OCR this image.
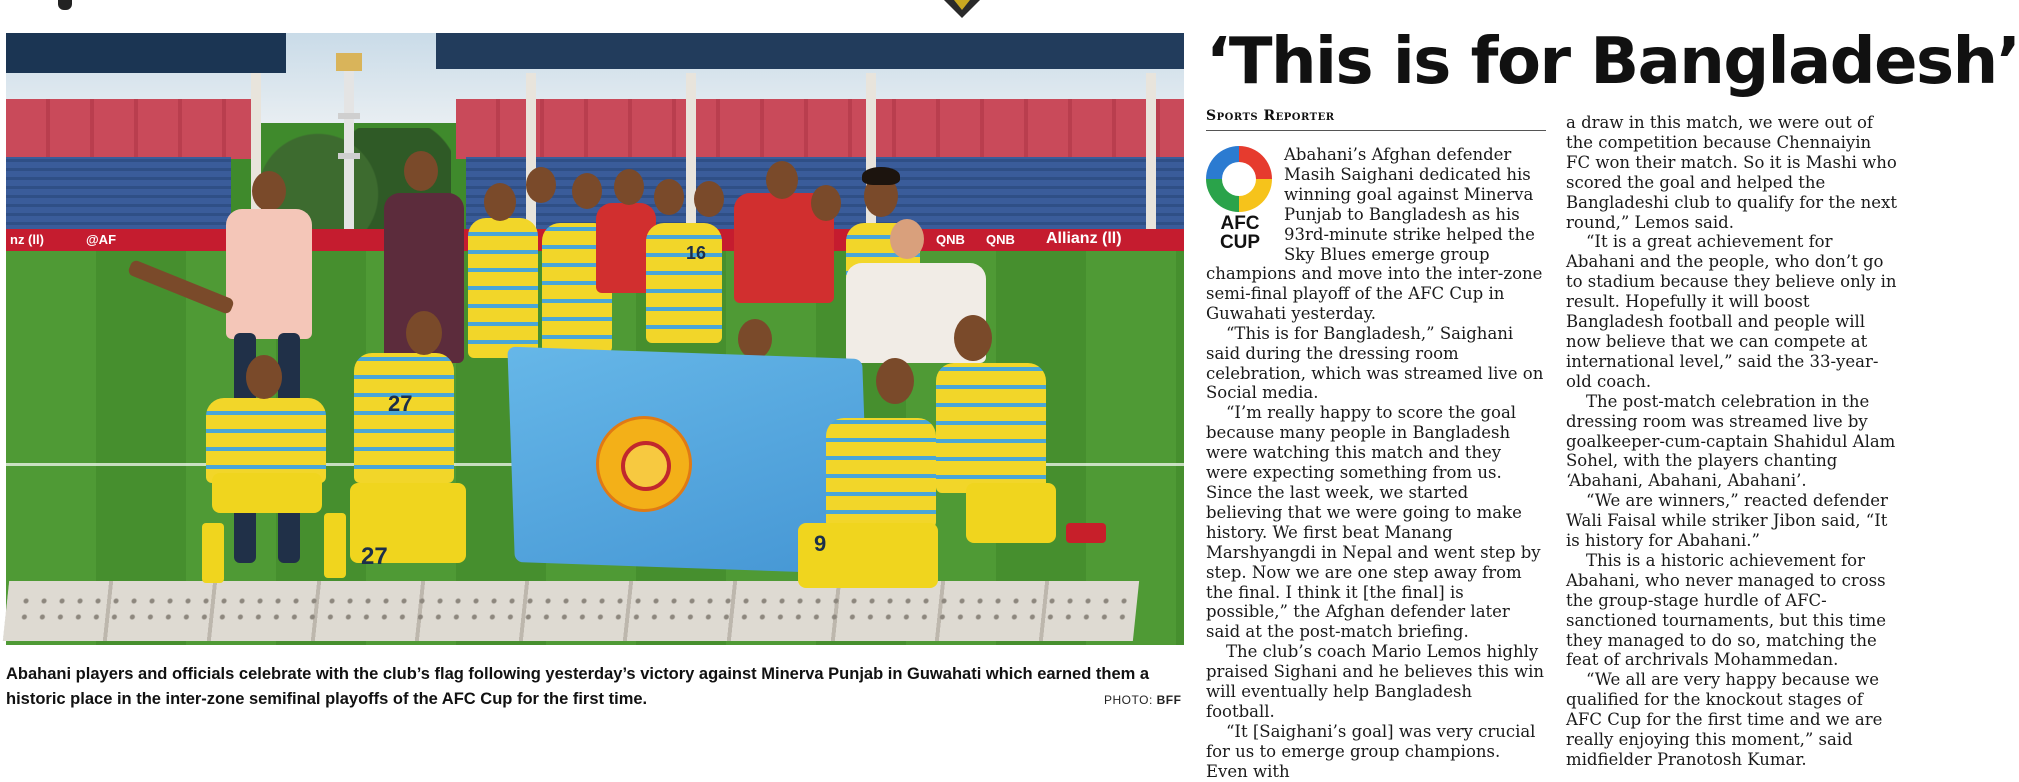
nz (ll)	@AF	QNB QNB Allianz (ll)
27
27	9
16
Abahani players and officials celebrate with the club’s flag following yesterday’s victory against Minerva Punjab in Guwahati which earned them a historic place in the inter-zone semifinal playoffs of the AFC Cup for the first time.	PHOTO: BFF
‘This is for Bangladesh’
Sports Reporter
AFC
CUP

Abahani’s Afghan defender Masih Saighani dedicated his winning goal against Minerva Punjab to Bangladesh as his 93rd-minute strike helped the Sky Blues emerge group

champions and move into the inter-zone semi-final playoff of the AFC Cup in Guwahati yesterday.

“This is for Bangladesh,” Saighani said during the dressing room celebration, which was streamed live on Social media.

“I’m really happy to score the goal because many people in Bangladesh were watching this match and they were expecting something from us. Since the last week, we started believing that we were going to make history. We first beat Manang Marshyangdi in Nepal and went step by step. Now we are one step away from the final. I think it [the final] is possible,” the Afghan defender later said at the post-match briefing.

The club’s coach Mario Lemos highly praised Sighani and he believes this win will eventually help Bangladesh football.

“It [Saighani’s goal] was very crucial for us to emerge group champions. Even with

a draw in this match, we were out of the competition because Chennaiyin FC won their match. So it is Mashi who scored the goal and helped the Bangladeshi club to qualify for the next round,” Lemos said.

“It is a great achievement for Abahani and the people, who don’t go to stadium because they believe only in result. Hopefully it will boost Bangladesh football and people will now believe that we can compete at international level,” said the 33-year-old coach.

The post-match celebration in the dressing room was streamed live by goalkeeper-cum-captain Shahidul Alam Sohel, with the players chanting ‘Abahani, Abahani, Abahani’.

“We are winners,” reacted defender Wali Faisal while striker Jibon said, “It is history for Abahani.”

This is a historic achievement for Abahani, who never managed to cross the group-stage hurdle of AFC-sanctioned tournaments, but this time they managed to do so, matching the feat of archrivals Mohammedan.

“We all are very happy because we qualified for the knockout stages of AFC Cup for the first time and we are really enjoying this moment,” said midfielder Pranotosh Kumar.
